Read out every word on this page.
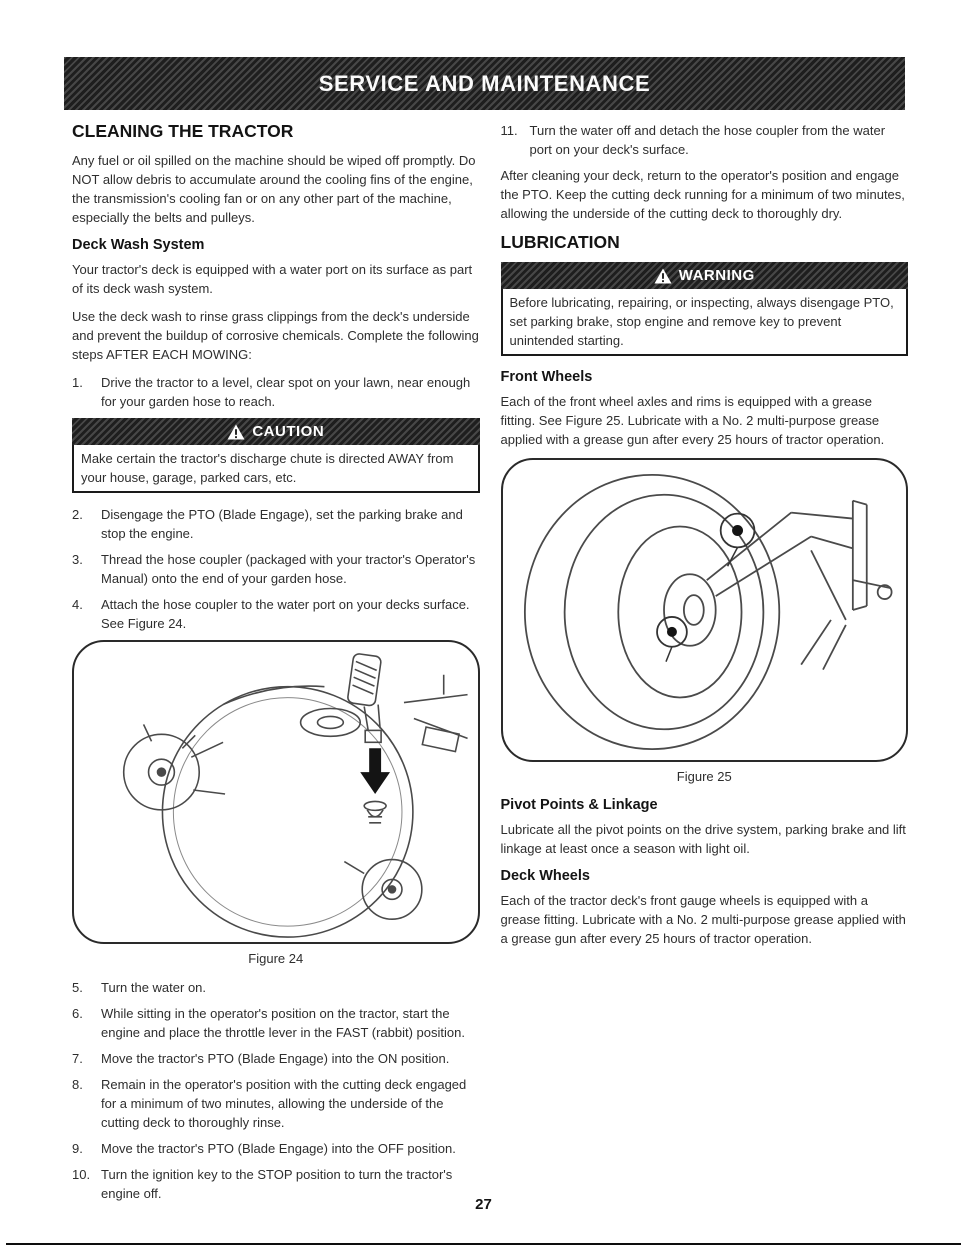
SERVICE AND MAINTENANCE
CLEANING THE TRACTOR

Any fuel or oil spilled on the machine should be wiped off promptly. Do NOT allow debris to accumulate around the cooling fins of the engine, the transmission's cooling fan or on any other part of the machine, especially the belts and pulleys.

Deck Wash System

Your tractor's deck is equipped with a water port on its surface as part of its deck wash system.

Use the deck wash to rinse grass clippings from the deck's underside and prevent the buildup of corrosive chemicals. Complete the following steps AFTER EACH MOWING:

1.	Drive the tractor to a level, clear spot on your lawn, near enough for your garden hose to reach.
CAUTION
Make certain the tractor's discharge chute is directed AWAY from your house, garage, parked cars, etc.
2.	Disengage the PTO (Blade Engage), set the parking brake and stop the engine.
3.	Thread the hose coupler (packaged with your tractor's Operator's Manual) onto the end of your garden hose.
4.	Attach the hose coupler to the water port on your decks surface. See Figure 24.
Figure 24
5.	Turn the water on.
6.	While sitting in the operator's position on the tractor, start the engine and place the throttle lever in the FAST (rabbit) position.
7.	Move the tractor's PTO (Blade Engage) into the ON position.
8.	Remain in the operator's position with the cutting deck engaged for a minimum of two minutes, allowing the underside of the cutting deck to thoroughly rinse.
9.	Move the tractor's PTO (Blade Engage) into the OFF position.
10. Turn the ignition key to the STOP position to turn the tractor's engine off.
11. Turn the water off and detach the hose coupler from the water port on your deck's surface.

After cleaning your deck, return to the operator's position and engage the PTO. Keep the cutting deck running for a minimum of two minutes, allowing the underside of the cutting deck to thoroughly dry.

LUBRICATION
WARNING
Before lubricating, repairing, or inspecting, always disengage PTO, set parking brake, stop engine and remove key to prevent unintended starting.
Front Wheels

Each of the front wheel axles and rims is equipped with a grease fitting. See Figure 25. Lubricate with a No. 2 multi-purpose grease applied with a grease gun after every 25 hours of tractor operation.

Figure 25
Pivot Points & Linkage

Lubricate all the pivot points on the drive system, parking brake and lift linkage at least once a season with light oil.

Deck Wheels

Each of the tractor deck's front gauge wheels is equipped with a grease fitting. Lubricate with a No. 2 multi-purpose grease applied with a grease gun after every 25 hours of tractor operation.

27
